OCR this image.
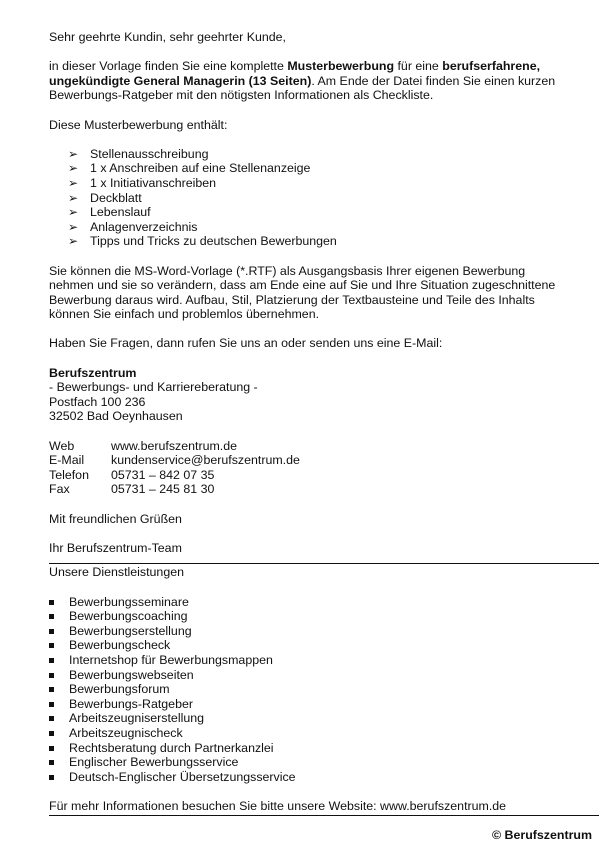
Sehr geehrte Kundin, sehr geehrter Kunde,

in dieser Vorlage finden Sie eine komplette Musterbewerbung für eine berufserfahrene, ungekündigte General Managerin (13 Seiten). Am Ende der Datei finden Sie einen kurzen Bewerbungs-Ratgeber mit den nötigsten Informationen als Checkliste.

Diese Musterbewerbung enthält:

➢ Stellenausschreibung
➢ 1 x Anschreiben auf eine Stellenanzeige
➢ 1 x Initiativanschreiben
➢ Deckblatt
➢ Lebenslauf
➢ Anlagenverzeichnis
➢ Tipps und Tricks zu deutschen Bewerbungen

Sie können die MS-Word-Vorlage (*.RTF) als Ausgangsbasis Ihrer eigenen Bewerbung nehmen und sie so verändern, dass am Ende eine auf Sie und Ihre Situation zugeschnittene Bewerbung daraus wird. Aufbau, Stil, Platzierung der Textbausteine und Teile des Inhalts können Sie einfach und problemlos übernehmen.

Haben Sie Fragen, dann rufen Sie uns an oder senden uns eine E-Mail:

Berufszentrum

- Bewerbungs- und Karriereberatung -

Postfach 100 236

32502 Bad Oeynhausen

Web	www.berufszentrum.de
E-Mail	kundenservice@berufszentrum.de
Telefon	05731 – 842 07 35
Fax	05731 – 245 81 30

Mit freundlichen Grüßen

Ihr Berufszentrum-Team

Unsere Dienstleistungen

Bewerbungsseminare
Bewerbungscoaching
Bewerbungserstellung
Bewerbungscheck
Internetshop für Bewerbungsmappen
Bewerbungswebseiten
Bewerbungsforum
Bewerbungs-Ratgeber
Arbeitszeugniserstellung
Arbeitszeugnischeck
Rechtsberatung durch Partnerkanzlei
Englischer Bewerbungsservice
Deutsch-Englischer Übersetzungsservice

Für mehr Informationen besuchen Sie bitte unsere Website: www.berufszentrum.de

© Berufszentrum
